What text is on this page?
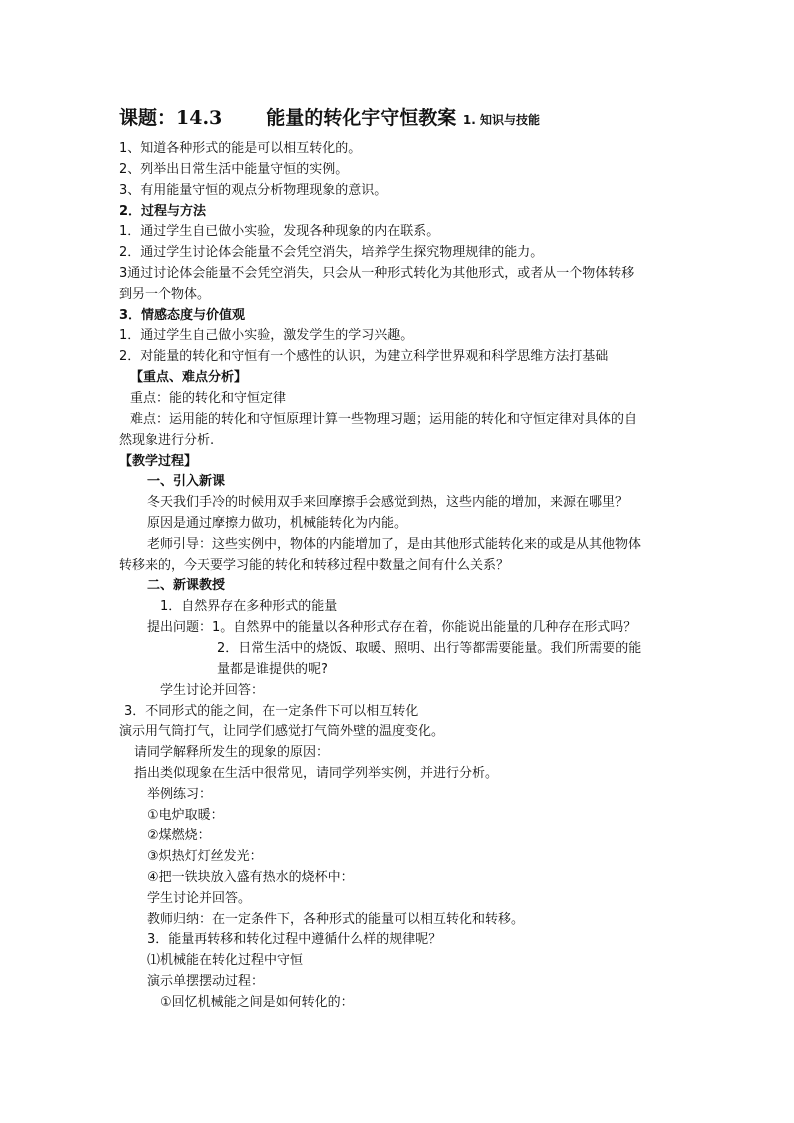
课题：14.3 能量的转化宇守恒教案 1. 知识与技能
1、知道各种形式的能是可以相互转化的。
2、列举出日常生活中能量守恒的实例。
3、有用能量守恒的观点分析物理现象的意识。
2．过程与方法
1．通过学生自已做小实验，发现各种现象的内在联系。
2．通过学生讨论体会能量不会凭空消失，培养学生探究物理规律的能力。
3通过讨论体会能量不会凭空消失，只会从一种形式转化为其他形式，或者从一个物体转移
到另一个物体。
3．情感态度与价值观
1．通过学生自己做小实验，激发学生的学习兴趣。
2．对能量的转化和守恒有一个感性的认识，为建立科学世界观和科学思维方法打基础
【重点、难点分析】
重点：能的转化和守恒定律
难点：运用能的转化和守恒原理计算一些物理习题；运用能的转化和守恒定律对具体的自
然现象进行分析.
【教学过程】
一、引入新课
冬天我们手冷的时候用双手来回摩擦手会感觉到热，这些内能的增加，来源在哪里？
原因是通过摩擦力做功，机械能转化为内能。
老师引导：这些实例中，物体的内能增加了，是由其他形式能转化来的或是从其他物体
转移来的，今天要学习能的转化和转移过程中数量之间有什么关系？
二、新课教授
1．自然界存在多种形式的能量
提出问题：1。自然界中的能量以各种形式存在着，你能说出能量的几种存在形式吗？
2．日常生活中的烧饭、取暖、照明、出行等都需要能量。我们所需要的能
量都是谁提供的呢?
学生讨论并回答：
3．不同形式的能之间，在一定条件下可以相互转化
演示用气筒打气，让同学们感觉打气筒外壁的温度变化。
请同学解释所发生的现象的原因：
指出类似现象在生活中很常见，请同学列举实例，并进行分析。
举例练习：
①电炉取暖：
②煤燃烧：
③炽热灯灯丝发光：
④把一铁块放入盛有热水的烧杯中：
学生讨论并回答。
教师归纳：在一定条件下，各种形式的能量可以相互转化和转移。
3．能量再转移和转化过程中遵循什么样的规律呢？
⑴机械能在转化过程中守恒
演示单摆摆动过程：
①回忆机械能之间是如何转化的：
